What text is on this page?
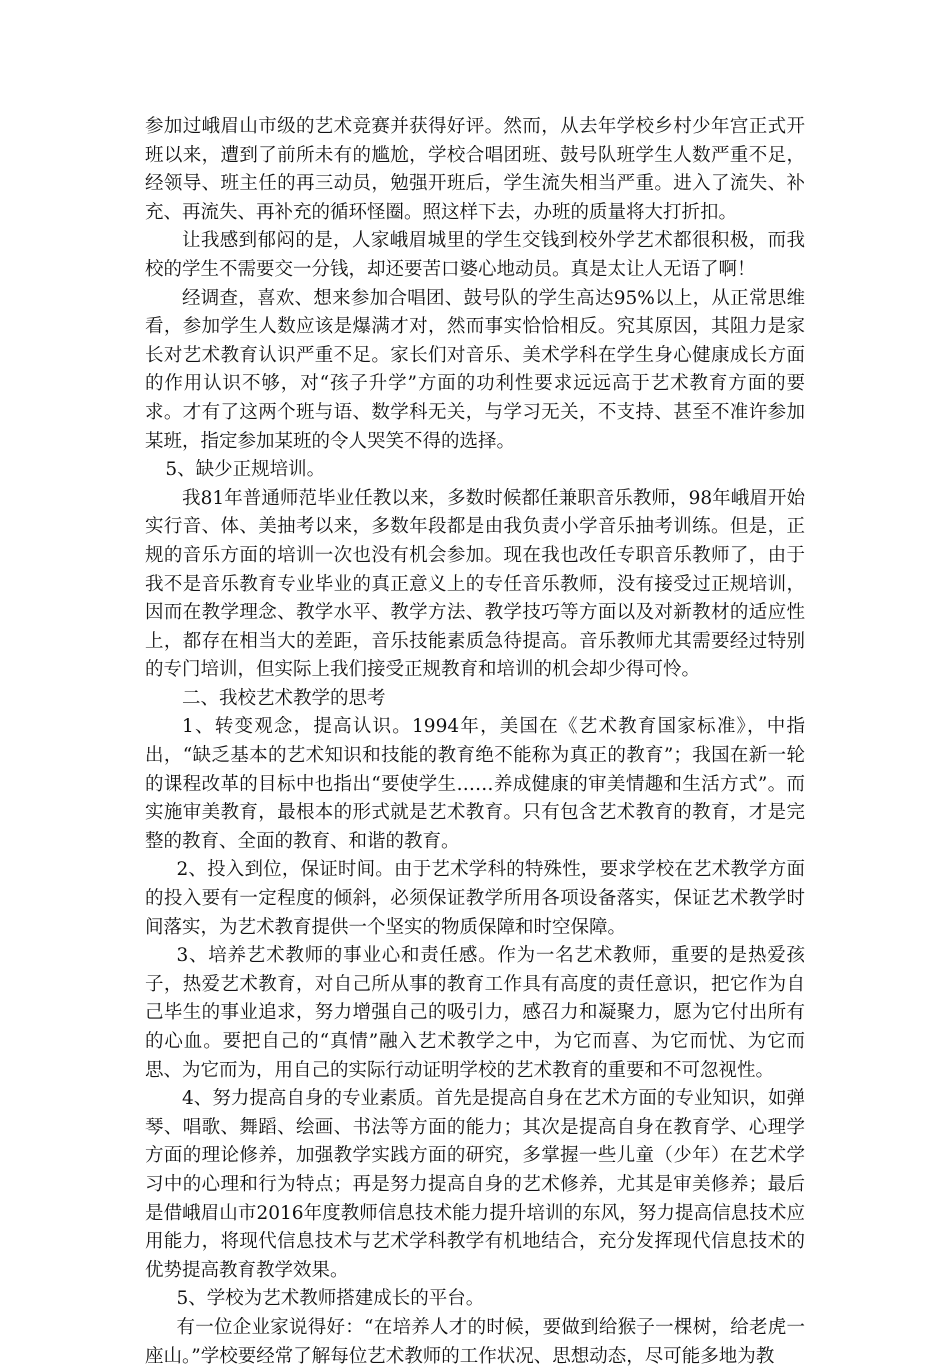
参加过峨眉山市级的艺术竞赛并获得好评。然而，从去年学校乡村少年宫正式开班以来，遭到了前所未有的尴尬，学校合唱团班、鼓号队班学生人数严重不足，经领导、班主任的再三动员，勉强开班后，学生流失相当严重。进入了流失、补充、再流失、再补充的循环怪圈。照这样下去，办班的质量将大打折扣。

让我感到郁闷的是，人家峨眉城里的学生交钱到校外学艺术都很积极，而我校的学生不需要交一分钱，却还要苦口婆心地动员。真是太让人无语了啊！

经调查，喜欢、想来参加合唱团、鼓号队的学生高达95%以上，从正常思维看，参加学生人数应该是爆满才对，然而事实恰恰相反。究其原因，其阻力是家长对艺术教育认识严重不足。家长们对音乐、美术学科在学生身心健康成长方面的作用认识不够，对“孩子升学”方面的功利性要求远远高于艺术教育方面的要求。才有了这两个班与语、数学科无关，与学习无关，不支持、甚至不准许参加某班，指定参加某班的令人哭笑不得的选择。

5、缺少正规培训。

我81年普通师范毕业任教以来，多数时候都任兼职音乐教师，98年峨眉开始实行音、体、美抽考以来，多数年段都是由我负责小学音乐抽考训练。但是，正规的音乐方面的培训一次也没有机会参加。现在我也改任专职音乐教师了，由于我不是音乐教育专业毕业的真正意义上的专任音乐教师，没有接受过正规培训，因而在教学理念、教学水平、教学方法、教学技巧等方面以及对新教材的适应性上，都存在相当大的差距，音乐技能素质急待提高。音乐教师尤其需要经过特别的专门培训，但实际上我们接受正规教育和培训的机会却少得可怜。

二、我校艺术教学的思考

1、转变观念，提高认识。1994年，美国在《艺术教育国家标准》，中指出，“缺乏基本的艺术知识和技能的教育绝不能称为真正的教育”；我国在新一轮的课程改革的目标中也指出“要使学生……养成健康的审美情趣和生活方式”。而实施审美教育，最根本的形式就是艺术教育。只有包含艺术教育的教育，才是完整的教育、全面的教育、和谐的教育。

2、投入到位，保证时间。由于艺术学科的特殊性，要求学校在艺术教学方面的投入要有一定程度的倾斜，必须保证教学所用各项设备落实，保证艺术教学时间落实，为艺术教育提供一个坚实的物质保障和时空保障。

3、培养艺术教师的事业心和责任感。作为一名艺术教师，重要的是热爱孩子，热爱艺术教育，对自己所从事的教育工作具有高度的责任意识，把它作为自己毕生的事业追求，努力增强自己的吸引力，感召力和凝聚力，愿为它付出所有的心血。要把自己的“真情”融入艺术教学之中，为它而喜、为它而忧、为它而思、为它而为，用自己的实际行动证明学校的艺术教育的重要和不可忽视性。

4、努力提高自身的专业素质。首先是提高自身在艺术方面的专业知识，如弹琴、唱歌、舞蹈、绘画、书法等方面的能力；其次是提高自身在教育学、心理学方面的理论修养，加强教学实践方面的研究，多掌握一些儿童（少年）在艺术学习中的心理和行为特点；再是努力提高自身的艺术修养，尤其是审美修养；最后是借峨眉山市2016年度教师信息技术能力提升培训的东风，努力提高信息技术应用能力，将现代信息技术与艺术学科教学有机地结合，充分发挥现代信息技术的优势提高教育教学效果。

5、学校为艺术教师搭建成长的平台。

有一位企业家说得好：“在培养人才的时候，要做到给猴子一棵树，给老虎一座山。”学校要经常了解每位艺术教师的工作状况、思想动态，尽可能多地为教
